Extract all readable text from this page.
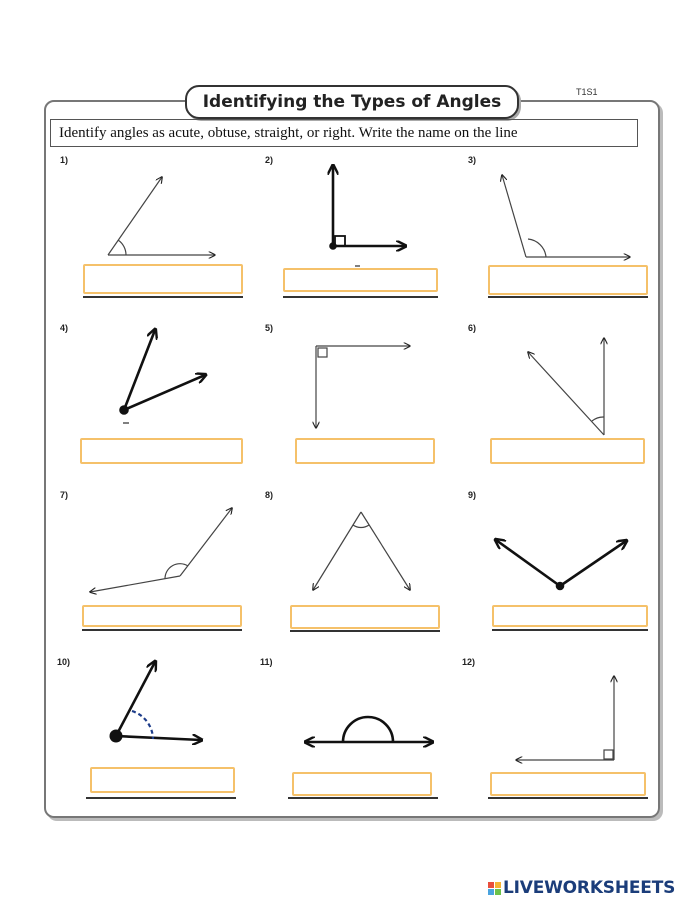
Identifying the Types of Angles	T1S1
Identify angles as acute, obtuse, straight, or right. Write the name on the line
1)	2)	3)
4)	5)	6)
7)	8)	9)
10)	11)	12)
LIVEWORKSHEETS
